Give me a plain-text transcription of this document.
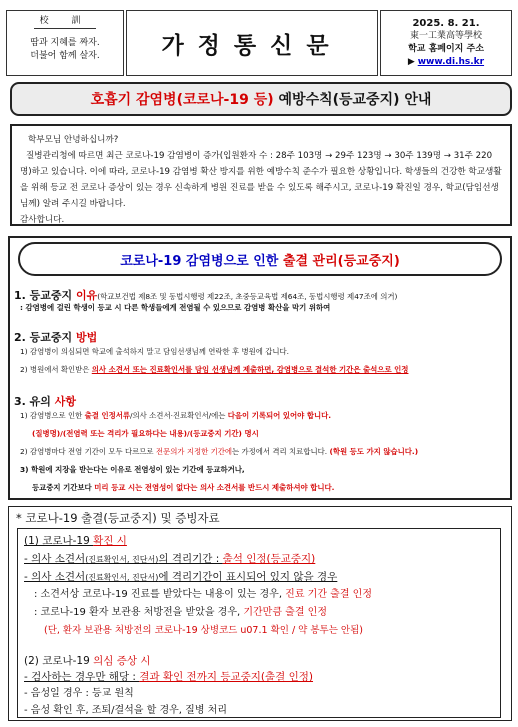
校 訓
땀과 지혜를 짜자.
더불어 함께 살자.	가정통신문
2025. 8. 21.
東一工業高等學校
학교 홈페이지 주소
▶ www.di.hs.kr
호흡기 감염병(코로나-19 등) 예방수칙(등교중지) 안내
학부모님 안녕하십니까?
질병관리청에 따르면 최근 코로나-19 감염병이 증가(입원환자 수 : 28주 103명 → 29주 123명 → 30주 139명 → 31주 220명)하고 있습니다. 이에 따라, 코로나-19 감염병 확산 방지를 위한 예방수칙 준수가 필요한 상황입니다. 학생들의 건강한 학교생활을 위해 등교 전 코로나 증상이 있는 경우 신속하게 병원 진료를 받을 수 있도록 해주시고, 코로나-19 확진일 경우, 학교(담임선생님께) 알려 주시길 바랍니다.
감사합니다.
코로나-19 감염병으로 인한 출결 관리(등교중지)
1. 등교중지 이유(학교보건법 제8조 및 동법시행령 제22조, 초중등교육법 제64조, 동법시행령 제47조에 의거)
: 감염병에 걸린 학생이 등교 시 다른 학생들에게 전염될 수 있으므로 감염병 확산을 막기 위하여
2. 등교중지 방법
1) 감염병이 의심되면 학교에 출석하지 말고 담임선생님께 연락한 후 병원에 갑니다.
2) 병원에서 확인받은 의사 소견서 또는 진료확인서를 담임 선생님께 제출하면, 감염병으로 결석한 기간은 출석으로 인정
3. 유의 사항
1) 감염병으로 인한 출결 인정서류/의사 소견서·진료확인서/에는 다음이 기록되어 있어야 합니다.
(질병명)/(전염력 또는 격리가 필요하다는 내용)/(등교중지 기간) 명시
2) 감염병마다 전염 기간이 모두 다르므로 전문의가 지정한 기간에는 가정에서 격리 치료합니다. (학원 등도 가지 않습니다.)
3) 학원에 지장을 받는다는 이유로 전염성이 있는 기간에 등교하거나,
등교중지 기간보다 미리 등교 시는 전염성이 없다는 의사 소견서를 반드시 제출하셔야 합니다.
* 코로나-19 출결(등교중지) 및 증빙자료
(1) 코로나-19 확진 시
- 의사 소견서(진료확인서, 진단서)의 격리기간 : 출석 인정(등교중지)
- 의사 소견서(진료확인서, 진단서)에 격리기간이 표시되어 있지 않을 경우
: 소견서상 코로나-19 진료를 받았다는 내용이 있는 경우, 진료 기간 출결 인정
: 코로나-19 환자 보관용 처방전을 받았을 경우, 기간만큼 출결 인정
(단, 환자 보관용 처방전의 코로나-19 상병코드 u07.1 확인 / 약 봉투는 안됨)
(2) 코로나-19 의심 증상 시
- 검사하는 경우만 해당 : 결과 확인 전까지 등교중지(출결 인정)
- 음성일 경우 : 등교 원칙
- 음성 확인 후, 조퇴/결석을 할 경우, 질병 처리
